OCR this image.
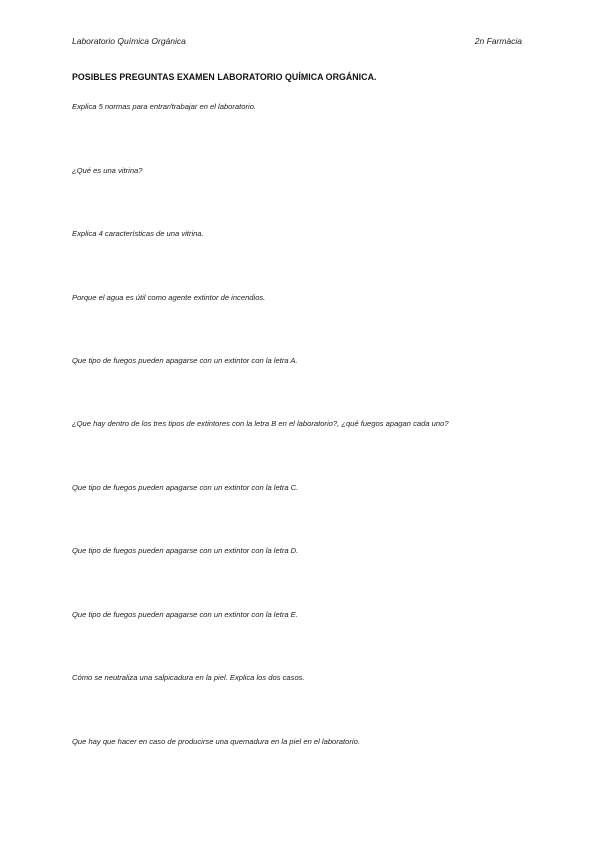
Laboratorio Química Orgánica	2n Farmàcia
POSIBLES PREGUNTAS EXAMEN LABORATORIO QUÍMICA ORGÁNICA.
Explica 5 normas para entrar/trabajar en el laboratorio.
¿Qué es una vitrina?
Explica 4 características de una vitrina.
Porque el agua es útil como agente extintor de incendios.
Que tipo de fuegos pueden apagarse con un extintor con la letra A.
¿Que hay dentro de los tres tipos de extintores con la letra B en el laboratorio?, ¿qué fuegos apagan cada uno?
Que tipo de fuegos pueden apagarse con un extintor con la letra C.
Que tipo de fuegos pueden apagarse con un extintor con la letra D.
Que tipo de fuegos pueden apagarse con un extintor con la letra E.
Cómo se neutraliza una salpicadura en la piel. Explica los dos casos.
Que hay que hacer en caso de producirse una quemadura en la piel en el laboratorio.
